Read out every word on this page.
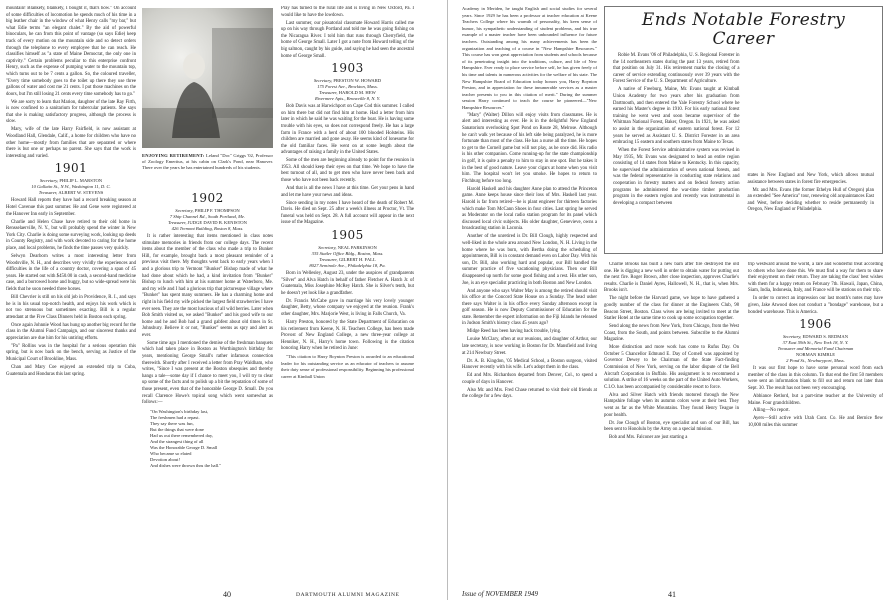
mountain! Blankety, blankety, I bought it, that's how." On account of some difficulties of locomotion he spends much of his time in a big leather chair in the window of what Henry calls "my bar," but what Edie terms "an elegant chalet." By the aid of powerful binoculars, he can from this point of vantage (so says Edie) keep track of every motion on the mountain side and so detect orders through the telephone to every employee that he can reach. He classifies himself as "a state of Maine Democrat, the only one in captivity." Certain problems peculiar to this enterprise confront Henry, such as the expense of pumping water to the mountain top, which turns out to be 7 cents a gallon. So, the coloured traveller, "Every time somebody goes to the toilet up there they use three gallons of water and cost me 21 cents. I put those machines on the doors, but I'm still losing 21 cents every time somebody has to go."

We are sorry to learn that Marion, daughter of the late Ray Firth, is now confined to a sanitarium for tubercular patients. She says that she is making satisfactory progress, although the process is slow.

Mary, wife of the late Harry Fairfield, is now assistant at Woodland Hall, Glendale, Calif., a home for children who have no other home—mostly from families that are separated or where there is but one or perhaps no parent. She says that the work is interesting and varied.

1901
Secretary, PHILIP L. MARSTON
10 Gallatin St., N.W., Washington 11, D. C.
Treasurer, ALBERT W. STEVENS

Howard Hall reports they have had a record breaking season at Hotel Cavenue this past summer. He and Gene were registered at the Hanover Inn early in September.

Charlie and Helen Chase have retired to their old home in Rensselaerville, N. Y., but will probably spend the winter in New York City. Charlie is doing some surveying work, looking up deeds in County Registry, and with work devoted to caring for the home place, and local problems, he finds the time passes very quickly.

Selwyn Dearborn writes a most interesting letter from Woodsville, N. H., and describes very vividly the experiences and difficulties in the life of a country doctor, covering a span of 45 years. He started out with $450.00 in cash, a second-hand medicine case, and a borrowed horse and buggy, but so wide-spread were his fields that he soon needed three horses.

Bill Chevrier is still on his old job in Providence, R. I., and says he is in his usual top-notch health, and enjoys his work which is not too strenuous but sometimes exacting. Bill is a regular attendant at the Five Class Dinners held in Boston each spring.

Once again Johnnie Wood has hung up another big record for the class in the Alumni Fund Campaign, and our sincerest thanks and appreciation are due him for his untiring efforts.

"Pa" Rollins was in the hospital for a serious operation this spring, but is now back on the bench, serving as Justice of the Municipal Court of Brookline, Mass.

Chan and Mary Coe enjoyed an extended trip to Cuba, Guatemala and Honduras this last spring.

ENJOYING RETIREMENT: Leland "Doc" Griggs '02, Professor of Zoology Emeritus, at his cabin on Clark's Pond, near Hanover. There over the years he has entertained hundreds of his students.
1902
Secretary, PHILIP F. THOMPSON
7 Ship Channel Rd., South Portland, Me.
Treasurer, JUDGE DAVID B. KENISTON
426 Tremont Building, Boston 8, Mass.

It is rather interesting that items mentioned in class notes stimulate memories in friends from our college days. The recent items about the member of the class who made a trip to Bunker Hill, for example, brought back a most pleasant reminder of a previous visit there. My thoughts went back to early years when I and a glorious trip to Vermont "Bunker" Bishop made of what he had done about which he had, a kind invitation from "Bunker" Bishop to lunch with him at his summer home at Waterboro, Me. and my wife and I had a glorious trip that picturesque village where "Bunker" has spent many summers. He has a charming home and right in his field my wife picked the largest field strawberries I have ever seen. They are the most luscious of all wild berries. Later when Bob Smith visited us, we asked "Bunker" and his good wife to our home and he and Bob had a grand gabfest about old times in St. Johnsbury. Believe it or not, "Bunker" seems as spry and alert as ever.

Some time ago I mentioned the demise of the freshman banquets which had taken place in Boston as Worthington's birthday for years, mentioning George Small's rather infamous connection therewith. Shortly after I received a letter from Pray Waldham, who writes, "Since I was present at the Boston obsequies and thereby hangs a tale—some day if I chance to meet you, I will try to clear up some of the facts and to polish up a bit the reputation of some of those present, even that of the honorable George D. Small. Do you recall Clarence Howe's topical song which went somewhat as follows:—

"On Washington's birthday last,
The freshmen had a repast.
They say there was fun,
But the things that were done
Had us out there remembered day,
And the strangest thing of all
Was the Honorable George D. Small
Who became so elated
Devotion about!
And dishes were thrown thru the hall."

Pray has turned to the rural life and is living in New Oxford, Pa. I would like to have the lowdown.

Last summer, our pissatorial classmate Howard Harris called me up on his way through Portland and told me he was going fishing on the Nicaragua River. I told him that runs through Cherryfield, the home of George Small. Later I got a note from Howard telling of the big salmon, caught by his guide, and saying he had seen the ancestral home of George Small.

1903
Secretary, PRESTON W. HOWARD
175 Forest Ave., Brockton, Mass.
Treasurer, HAROLD M. HEW
Rivermere Apts., Bronxville 8, N. Y.

Bob Davis was at Harwichport on Cape Cod this summer. I called on him there but did not find him at home. Had a letter from him later in which he said he was waiting for the boat. He is having some trouble with his eyes, so does not correspond freely. He has a large farm in France with a herd of about 100 blooded Holsteins. His children are married and gone away. He seems kind of lonesome for the old familiar faces. He went on at some length about the advantages of raising a family in the United States.

Some of the men are beginning already to point for the reunion in 1953. All should keep their eyes on that time. We hope to have the best turnout of all, and to get men who have never been back and those who have not been back recently.

And that is all the news I have at this time. Get your pens in hand and let me have your news and ideas.

Since sending in my notes I have heard of the death of Robert M. Davis. He died on Sept. 25 after a week's illness at Proctor, Vt. The funeral was held on Sept. 28. A full account will appear in the next issue of the Magazine.

1905
Secretary, NEAL PARKINSON
335 Statler Office Bldg., Boston, Mass.
Treasurer, GILBERT H. FALL
8027 Seminole Ave., Philadelphia 18, Pa.

Born in Wellesley, August 23, under the auspices of grandparents "Silver" and Alva Hatch in behalf of father Fletcher A. Hatch Jr. of Guatemala, Miss Josephine McRey Hatch. She is Silver's tenth, but he doesn't yet look like a grandfather.

Dr. Francis McCabe gave in marriage his very lovely younger daughter, Betty, whose company we enjoyed at the reunion. Frank's other daughter, Mrs. Marjorie West, is living in Falls Church, Va.

Harry Preston, honored by the State Department of Education on his retirement from Keene, N. H. Teachers College, has been made Provost of New England College, a new three-year college at Henniker, N. H., Harry's home town. Following is the citation honoring Harry when he retired in June:

"This citation to Harry Boynton Preston is awarded to an educational leader for his outstanding service as an educator of teachers to assume their duty sense of professional responsibility. Beginning his professional career at Kimball Union

40	DARTMOUTH ALUMNI MAGAZINE

Academy in Meriden, he taught English and social studies for several years. Since 1929 he has been a professor at teacher education at Keene Teachers College where his warmth of personality, his keen sense of humor, his sympathetic understanding of student problems, and his true example of a master teacher have been unbounded influence for future teachers. Outstanding among his many achievements has been the organization and teaching of a course in "New Hampshire Resources." This course has won great appreciation from students and schools because of its penetrating insight into the traditions, culture, and life of New Hampshire. Ever ready to place service before self, he has given freely of his time and talents in numerous activities for the welfare of his state. The New Hampshire Board of Education today honors you, Harry Boynton Preston, and in appreciation for these innumerable services as a master teacher presents to you in this citation of merit." During the summer session Harry continued to teach the course he pioneered—"New Hampshire Resources."

"Mary" (Walter) Dillon will enjoy visits from classmates. He is alert and interesting as ever. He is in the delightful New England Sanatorium overlooking Spot Pond on Route 28, Melrose. Although he can't walk yet because of his left side being paralyzed, he is more fortunate than most of the class. He has a nurse all the time. He hopes to get to the Cornell game but will not play, as he once did. His radio is his other companion. Come running-up for the state championship in golf, it is quite a penalty to him to stay in one spot. But he takes it in the best of good nature. Leave your cigars at home when you visit him. The hospital won't let you smoke. He hopes to return to Fitchburg before too long.

Harold Haskell and his daughter Anne plan to attend the Princeton game. Anne keeps house since their loss of Mrs. Haskell last year. Harold is far from retired—he is plant engineer for thirteen factories which make Tom McCann Shoes in four cities. Last spring he served as Moderator on the local radio station program for its panel which discussed local civic subjects. His older daughter, Genevieve, owns a broadcasting station in Laconia.

Another of the unretired is Dr. Bill Clough, highly respected and well-liked in the whole area around New London, N. H. Living in the home where he was born, with Bertha doing the scheduling of appointments, Bill is in constant demand even on Labor Day. With his son, Dr. Bill, also working hard and popular, our Bill handled the summer practice of five vacationing physicians. Then our Bill disappeared up north for some good fishing and a rest. His other son, Joe, is an eye specialist practicing in both Boston and New London.

And anyone who says Walter May is among the retired should visit his office at the Concord State House on a Sunday. The head usher there says Walter is in his office every Sunday afternoon except in golf season. He is now Deputy Commissioner of Education for the state. Remember the expert information on the Fiji Islands he released in Judson Smith's history class 45 years ago?

Midge Reed has been having back trouble, lying.

Louise McClary, often at our reunions, and daughter of Arthur, our late secretary, is now working in Boston for Dr. Mansfield and living at 214 Newbury Street.

Dr. A. B. Kingdon, '05 Medical School, a Boston surgeon, visited Hanover recently with his wife. Let's adopt them in the class.

Ed and Mrs. Richardson departed from Denver, Col., to spend a couple of days in Hanover.

Also Mr. and Mrs. Fred Chase returned to visit their old friends at the college for a few days.

Ends Notable Forestry Career

Robie M. Evans '06 of Philadelphia, U. S. Regional Forester in the 14 northeastern states during the past 13 years, retired from that position on July 31. His retirement marks the closing of a career of service extending continuously over 39 years with the Forest Service of the U. S. Department of Agriculture.

A native of Freeburg, Maine, Mr. Evans taught at Kimball Union Academy for two years after his graduation from Dartmouth, and then entered the Yale Forestry School where he earned his Master's degree in 1910. For his early national forest training he went west and soon became supervisor of the Whitman National Forest, Baker, Oregon. In 1921, he was asked to assist in the organization of eastern national forest. For 12 years he served as Assistant U. S. District Forester in an area embracing 15 eastern and southern states from Maine to Texas.

When the Forest Service administrative system was revised in May 1935, Mr. Evans was designated to head an entire region consisting of 14 states from Maine to Kentucky. In this capacity, he supervised the administration of seven national forests, and was the federal representative in conducting state relations and cooperation in forestry matters and on federal forestry action programs he administered the war-time timber production program in the eastern region and recently was instrumental in developing a compact between

states in New England and New York, which allows mutual assistance between states in forest fire emergencies.

Mr. and Mrs. Evans (the former Ethelyn Hull of Oregon) plan an extended "See America" tour, renewing old acquaintances East and West, before deciding whether to reside permanently in Oregon, New England or Philadelphia.

Charlie Brooks has built a new barn after fire destroyed the old one. He is digging a new well in order to obtain water for putting out the next fire. Roger Brown, after close inspection, approves Charlie's results. Charlie is Daniel Ayres, Hallowell, N. H., that is, when Mrs. Brooks isn't.

The night before the Harvard game, we hope to have gathered a goodly number of the class for dinner at the Engineers Club, 98 Beacon Street, Boston. Class wives are being invited to meet at the Statler Hotel at the same time to cook up some occupation together.

Send along the news from New York, from Chicago, from the West Coast, from the South, and points between. Subscribe to the Alumni Magazine.

More distinction and more work has come to Rufus Day. On October 5 Chancellor Edmund E. Day of Cornell was appointed by Governor Dewey to be Chairman of the State Fact-finding Commission of New York, serving on the labor dispute of the Bell Aircraft Corporation in Buffalo. His assignment is to recommend a solution. A strike of 16 weeks on the part of the United Auto Workers, C.I.O. has been accompanied by considerable resort to force.

Alva and Silver Hatch with friends motored through the New Hampshire foliage when its autumn colors were at their best. They went as far as the White Mountains. They found Henry Teague in poor health.

Dr. Joe Clough of Boston, eye specialist and son of our Bill, has been sent to Honolulu by the Army on a special mission.

Bob and Mrs. Falconer are just starting a

trip westward around the world, a rare and wonderful treat according to others who have done this. We must find a way for them to share their enjoyment on their return. They are taking the class' best wishes with them for a happy return on February 7th. Hawaii, Japan, China, Siam, India, Indonesia, Italy, and France will be stations on their trip.

In order to correct an impression our last month's notes may have given, Jake Atwood does not conduct a "bondage" warehouse, but a bonded warehouse. This is America.

1906
Secretary, EDWARD S. REDMAN
37 East 59th St., New York 18, N. Y.
Treasurer and Memorial Fund Chairman
NORMAN KIMBLE
2 Pond St., Newburyport, Mass.

It was our first hope to have some personal word from each member of the class in this column. To that end the first 50 members were sent an information blank to fill out and return not later than Sept. 30. The result has not been very encouraging.

Abbiance Retlord, but a part-time teacher at the University of Maine. Four grandchildren.

Alling—No report.

Ayers—Still active with Utah Cont. Co. He and Bernice flew 10,000 miles this summer

Issue of NOVEMBER 1949	41
